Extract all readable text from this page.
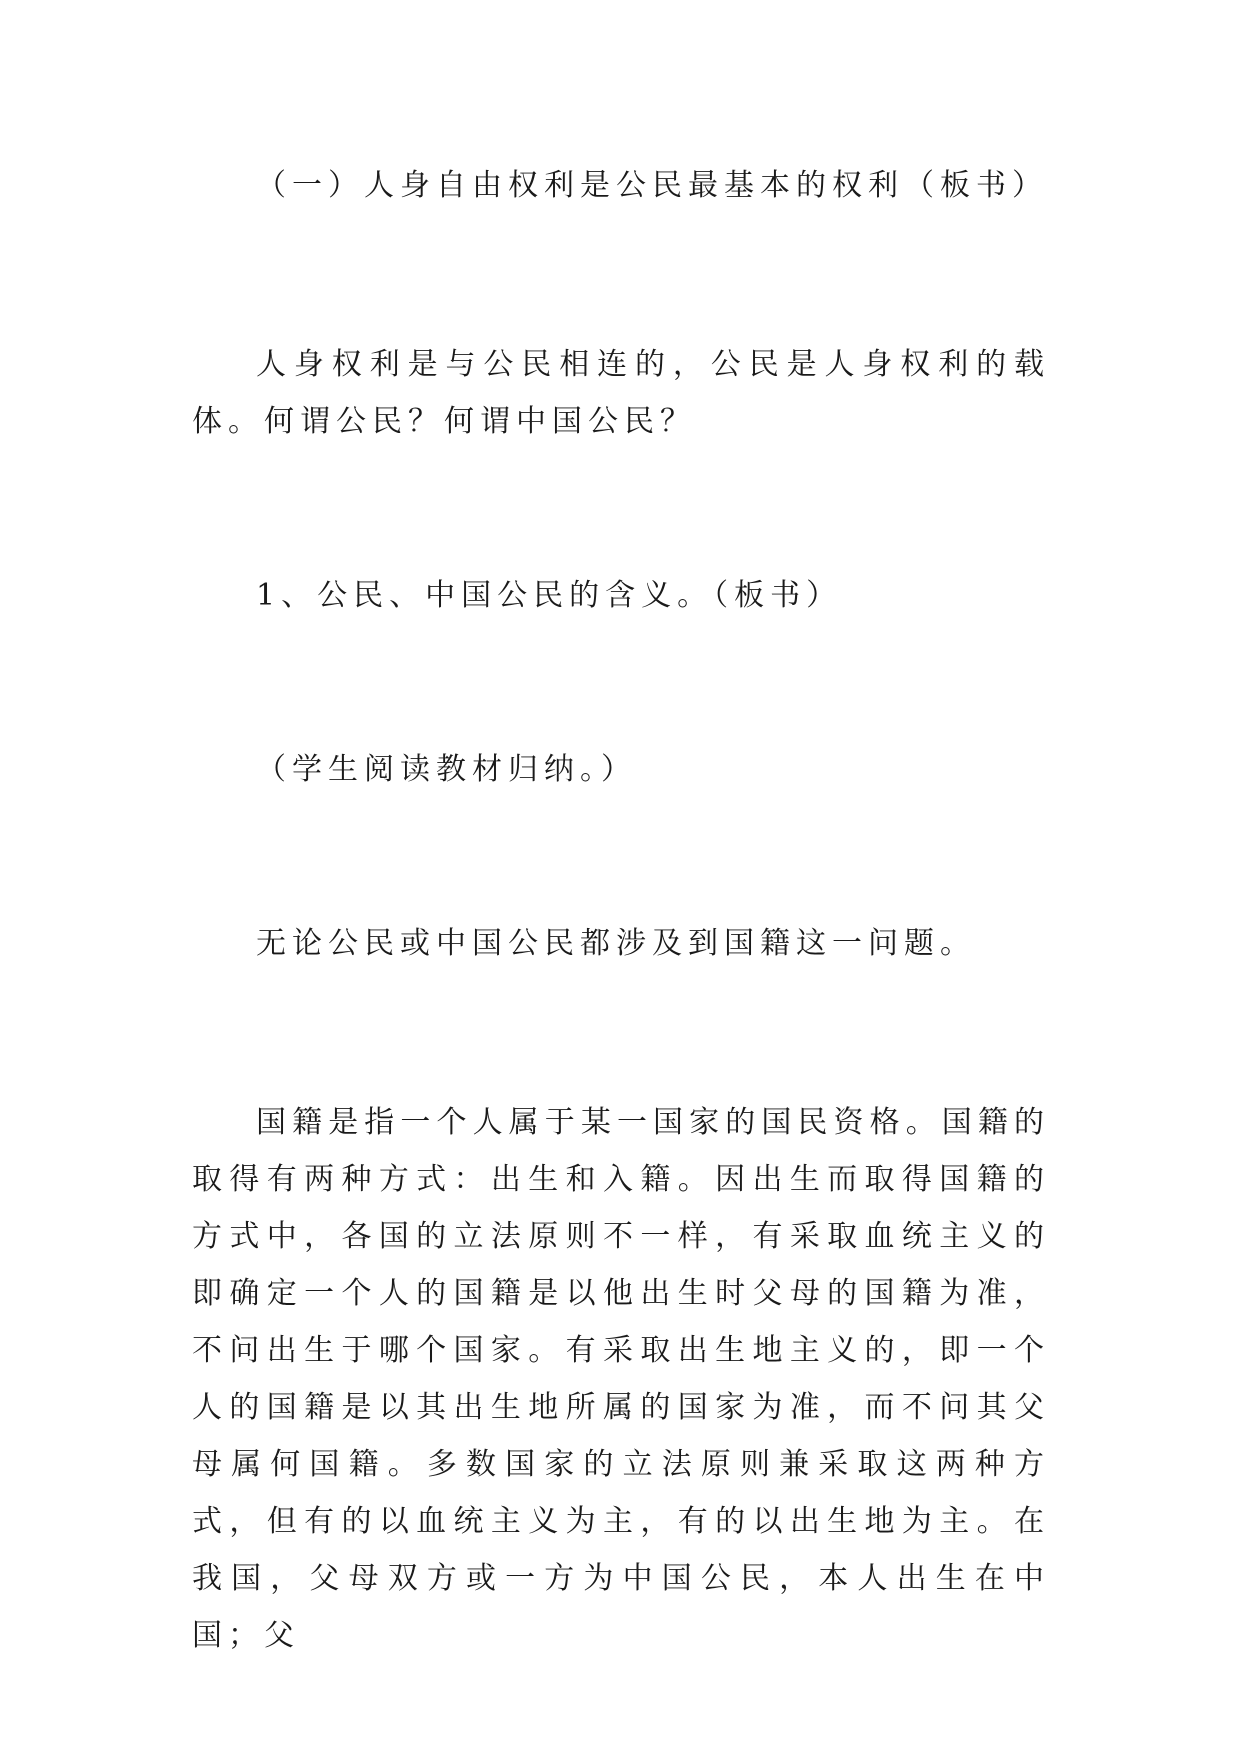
（一）人身自由权利是公民最基本的权利（板书）

人身权利是与公民相连的，公民是人身权利的载体。何谓公民？何谓中国公民？

1、公民、中国公民的含义。（板书）

（学生阅读教材归纳。）

无论公民或中国公民都涉及到国籍这一问题。

国籍是指一个人属于某一国家的国民资格。国籍的取得有两种方式：出生和入籍。因出生而取得国籍的方式中，各国的立法原则不一样，有采取血统主义的即确定一个人的国籍是以他出生时父母的国籍为准，不问出生于哪个国家。有采取出生地主义的，即一个人的国籍是以其出生地所属的国家为准，而不问其父母属何国籍。多数国家的立法原则兼采取这两种方式，但有的以血统主义为主，有的以出生地为主。在我国，父母双方或一方为中国公民，本人出生在中国；父
